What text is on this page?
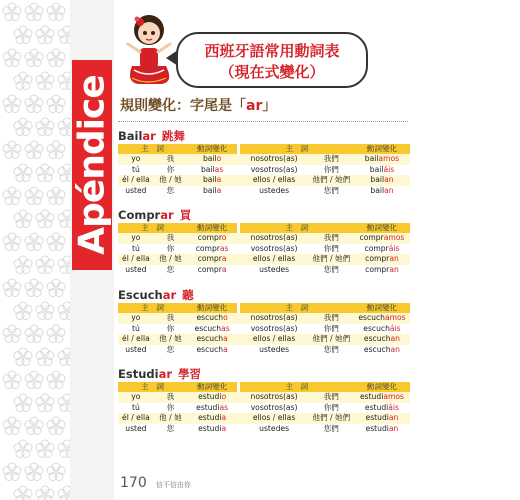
Apéndice
西班牙語常用動詞表
（現在式變化）
規則變化：字尾是「ar」
Bailar 跳舞
主　詞		動詞變化		主　詞		動詞變化
yo	我	bailo		nosotros(as)	我們	bailamos
tú	你	bailas		vosotros(as)	你們	bailáis
él / ella	他 / 她	baila		ellos / ellas	他們 / 她們	bailan
usted	您	baila		ustedes	您們	bailan
Comprar 買
主　詞		動詞變化		主　詞		動詞變化
yo	我	compro		nosotros(as)	我們	compramos
tú	你	compras		vosotros(as)	你們	compráis
él / ella	他 / 她	compra		ellos / ellas	他們 / 她們	compran
usted	您	compra		ustedes	您們	compran
Escuchar 聽
主　詞		動詞變化		主　詞		動詞變化
yo	我	escucho		nosotros(as)	我們	escuchamos
tú	你	escuchas		vosotros(as)	你們	escucháis
él / ella	他 / 她	escucha		ellos / ellas	他們 / 她們	escuchan
usted	您	escucha		ustedes	您們	escuchan
Estudiar 學習
主　詞		動詞變化		主　詞		動詞變化
yo	我	estudio		nosotros(as)	我們	estudiamos
tú	你	estudias		vosotros(as)	你們	estudiáis
él / ella	他 / 她	estudia		ellos / ellas	他們 / 她們	estudian
usted	您	estudia		ustedes	您們	estudian
170 信不信由你
